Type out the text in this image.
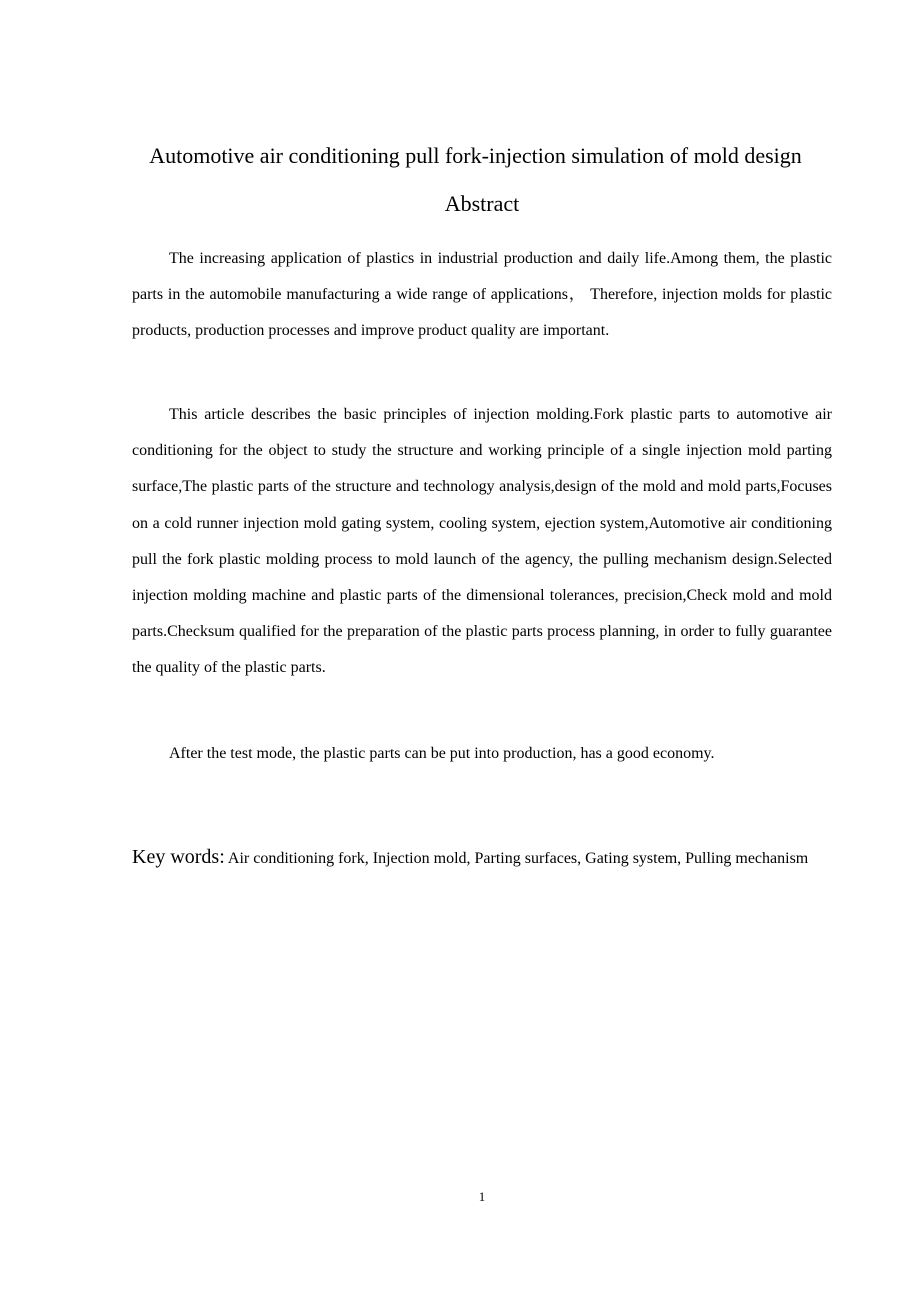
Automotive air conditioning pull fork-injection simulation of mold design
Abstract

The increasing application of plastics in industrial production and daily life.Among them, the plastic parts in the automobile manufacturing a wide range of applications， Therefore, injection molds for plastic products, production processes and improve product quality are important.

This article describes the basic principles of injection molding.Fork plastic parts to automotive air conditioning for the object to study the structure and working principle of a single injection mold parting surface,The plastic parts of the structure and technology analysis,design of the mold and mold parts,Focuses on a cold runner injection mold gating system, cooling system, ejection system,Automotive air conditioning pull the fork plastic molding process to mold launch of the agency, the pulling mechanism design.Selected injection molding machine and plastic parts of the dimensional tolerances, precision,Check mold and mold parts.Checksum qualified for the preparation of the plastic parts process planning, in order to fully guarantee the quality of the plastic parts.

After the test mode, the plastic parts can be put into production, has a good economy.

Key words: Air conditioning fork, Injection mold, Parting surfaces, Gating system, Pulling mechanism

1
